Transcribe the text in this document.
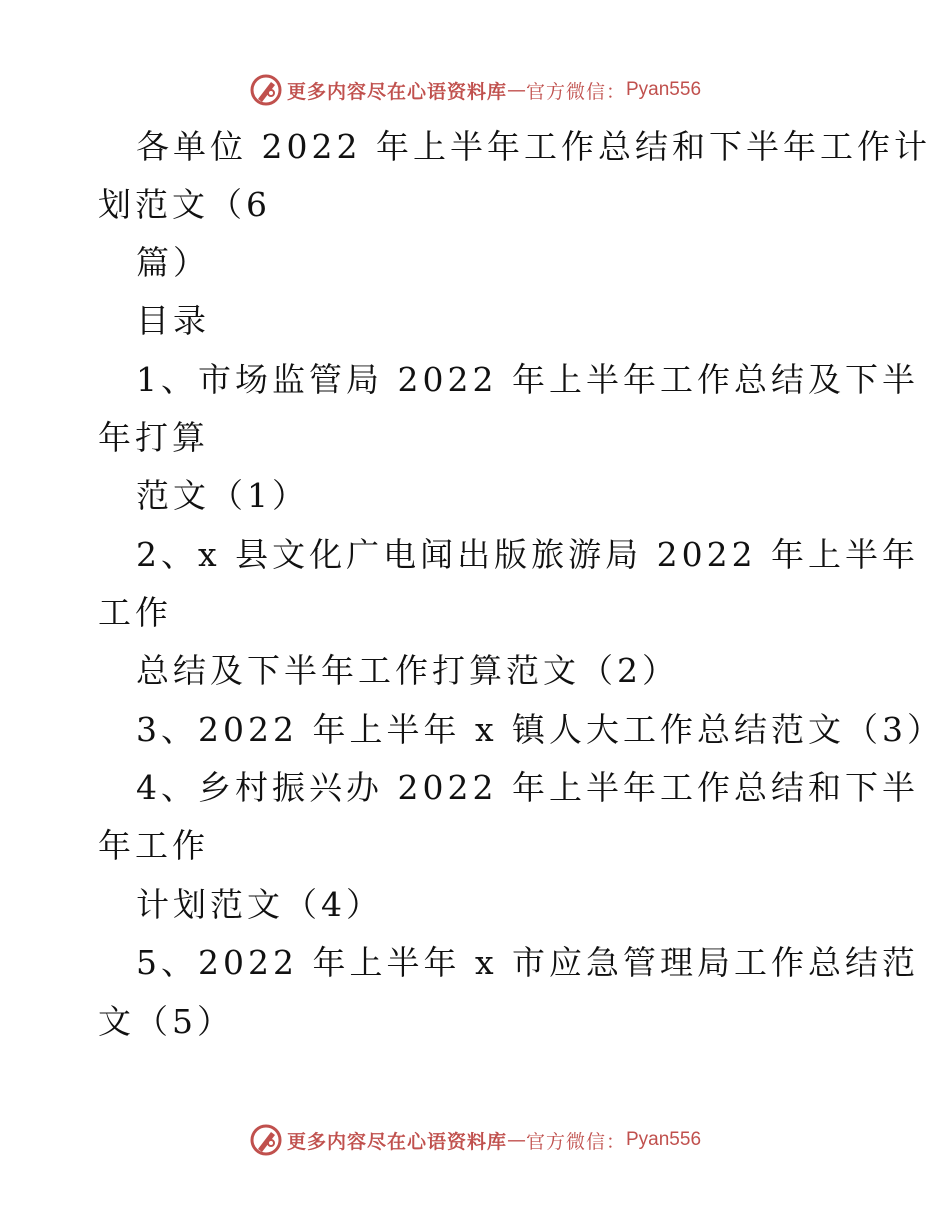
更多内容尽在心语资料库 — 官方微信： Pyan556
各单位 2022 年上半年工作总结和下半年工作计
划范文（6
篇）
目录
1、市场监管局 2022 年上半年工作总结及下半
年打算
范文（1）
2、x 县文化广电闻出版旅游局 2022 年上半年
工作
总结及下半年工作打算范文（2）
3、2022 年上半年 x 镇人大工作总结范文（3）
4、乡村振兴办 2022 年上半年工作总结和下半
年工作
计划范文（4）
5、2022 年上半年 x 市应急管理局工作总结范
文（5）
更多内容尽在心语资料库 — 官方微信： Pyan556
